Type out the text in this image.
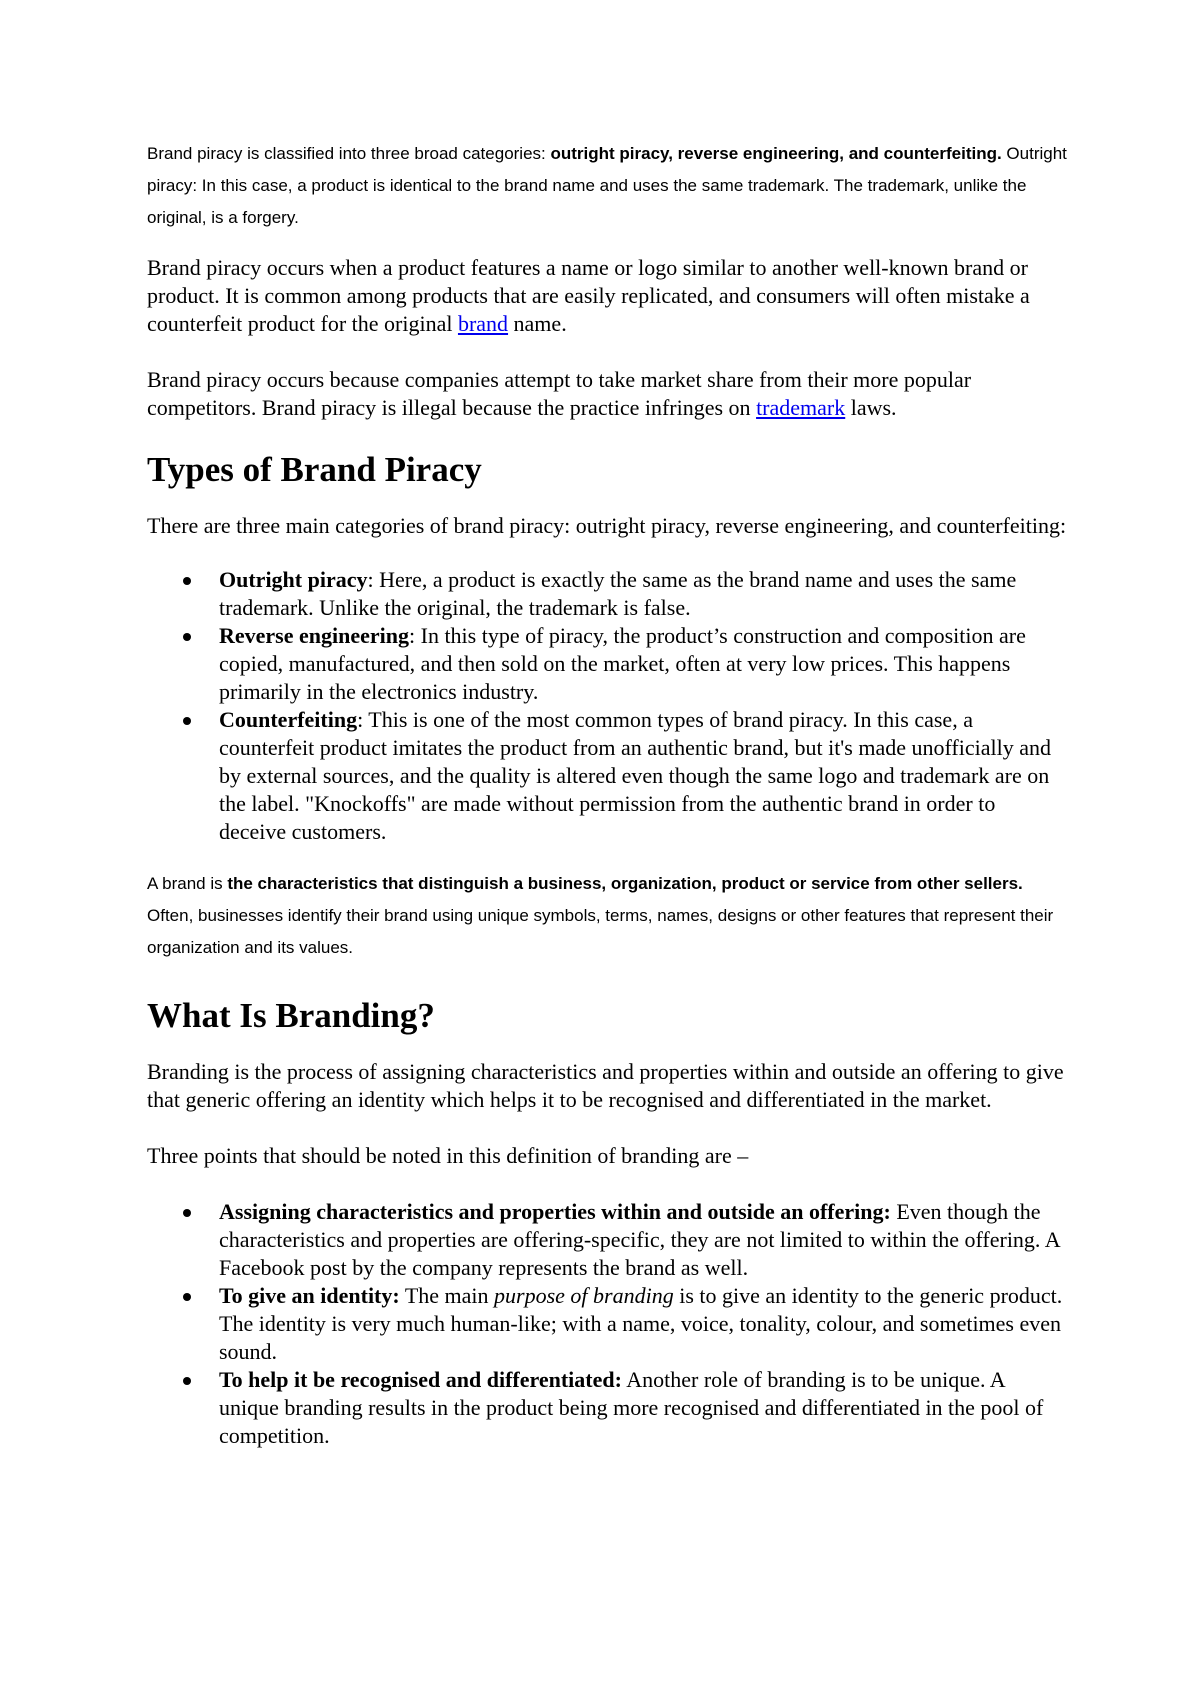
Brand piracy is classified into three broad categories: outright piracy, reverse engineering, and counterfeiting. Outright piracy: In this case, a product is identical to the brand name and uses the same trademark. The trademark, unlike the original, is a forgery.

Brand piracy occurs when a product features a name or logo similar to another well-known brand or product. It is common among products that are easily replicated, and consumers will often mistake a counterfeit product for the original brand name.

Brand piracy occurs because companies attempt to take market share from their more popular competitors. Brand piracy is illegal because the practice infringes on trademark laws.

Types of Brand Piracy

There are three main categories of brand piracy: outright piracy, reverse engineering, and counterfeiting:

Outright piracy: Here, a product is exactly the same as the brand name and uses the same trademark. Unlike the original, the trademark is false.
Reverse engineering: In this type of piracy, the product’s construction and composition are copied, manufactured, and then sold on the market, often at very low prices. This happens primarily in the electronics industry.
Counterfeiting: This is one of the most common types of brand piracy. In this case, a counterfeit product imitates the product from an authentic brand, but it's made unofficially and by external sources, and the quality is altered even though the same logo and trademark are on the label. "Knockoffs" are made without permission from the authentic brand in order to deceive customers.

A brand is the characteristics that distinguish a business, organization, product or service from other sellers. Often, businesses identify their brand using unique symbols, terms, names, designs or other features that represent their organization and its values.

What Is Branding?

Branding is the process of assigning characteristics and properties within and outside an offering to give that generic offering an identity which helps it to be recognised and differentiated in the market.

Three points that should be noted in this definition of branding are –

Assigning characteristics and properties within and outside an offering: Even though the characteristics and properties are offering-specific, they are not limited to within the offering. A Facebook post by the company represents the brand as well.
To give an identity: The main purpose of branding is to give an identity to the generic product. The identity is very much human-like; with a name, voice, tonality, colour, and sometimes even sound.
To help it be recognised and differentiated: Another role of branding is to be unique. A unique branding results in the product being more recognised and differentiated in the pool of competition.
